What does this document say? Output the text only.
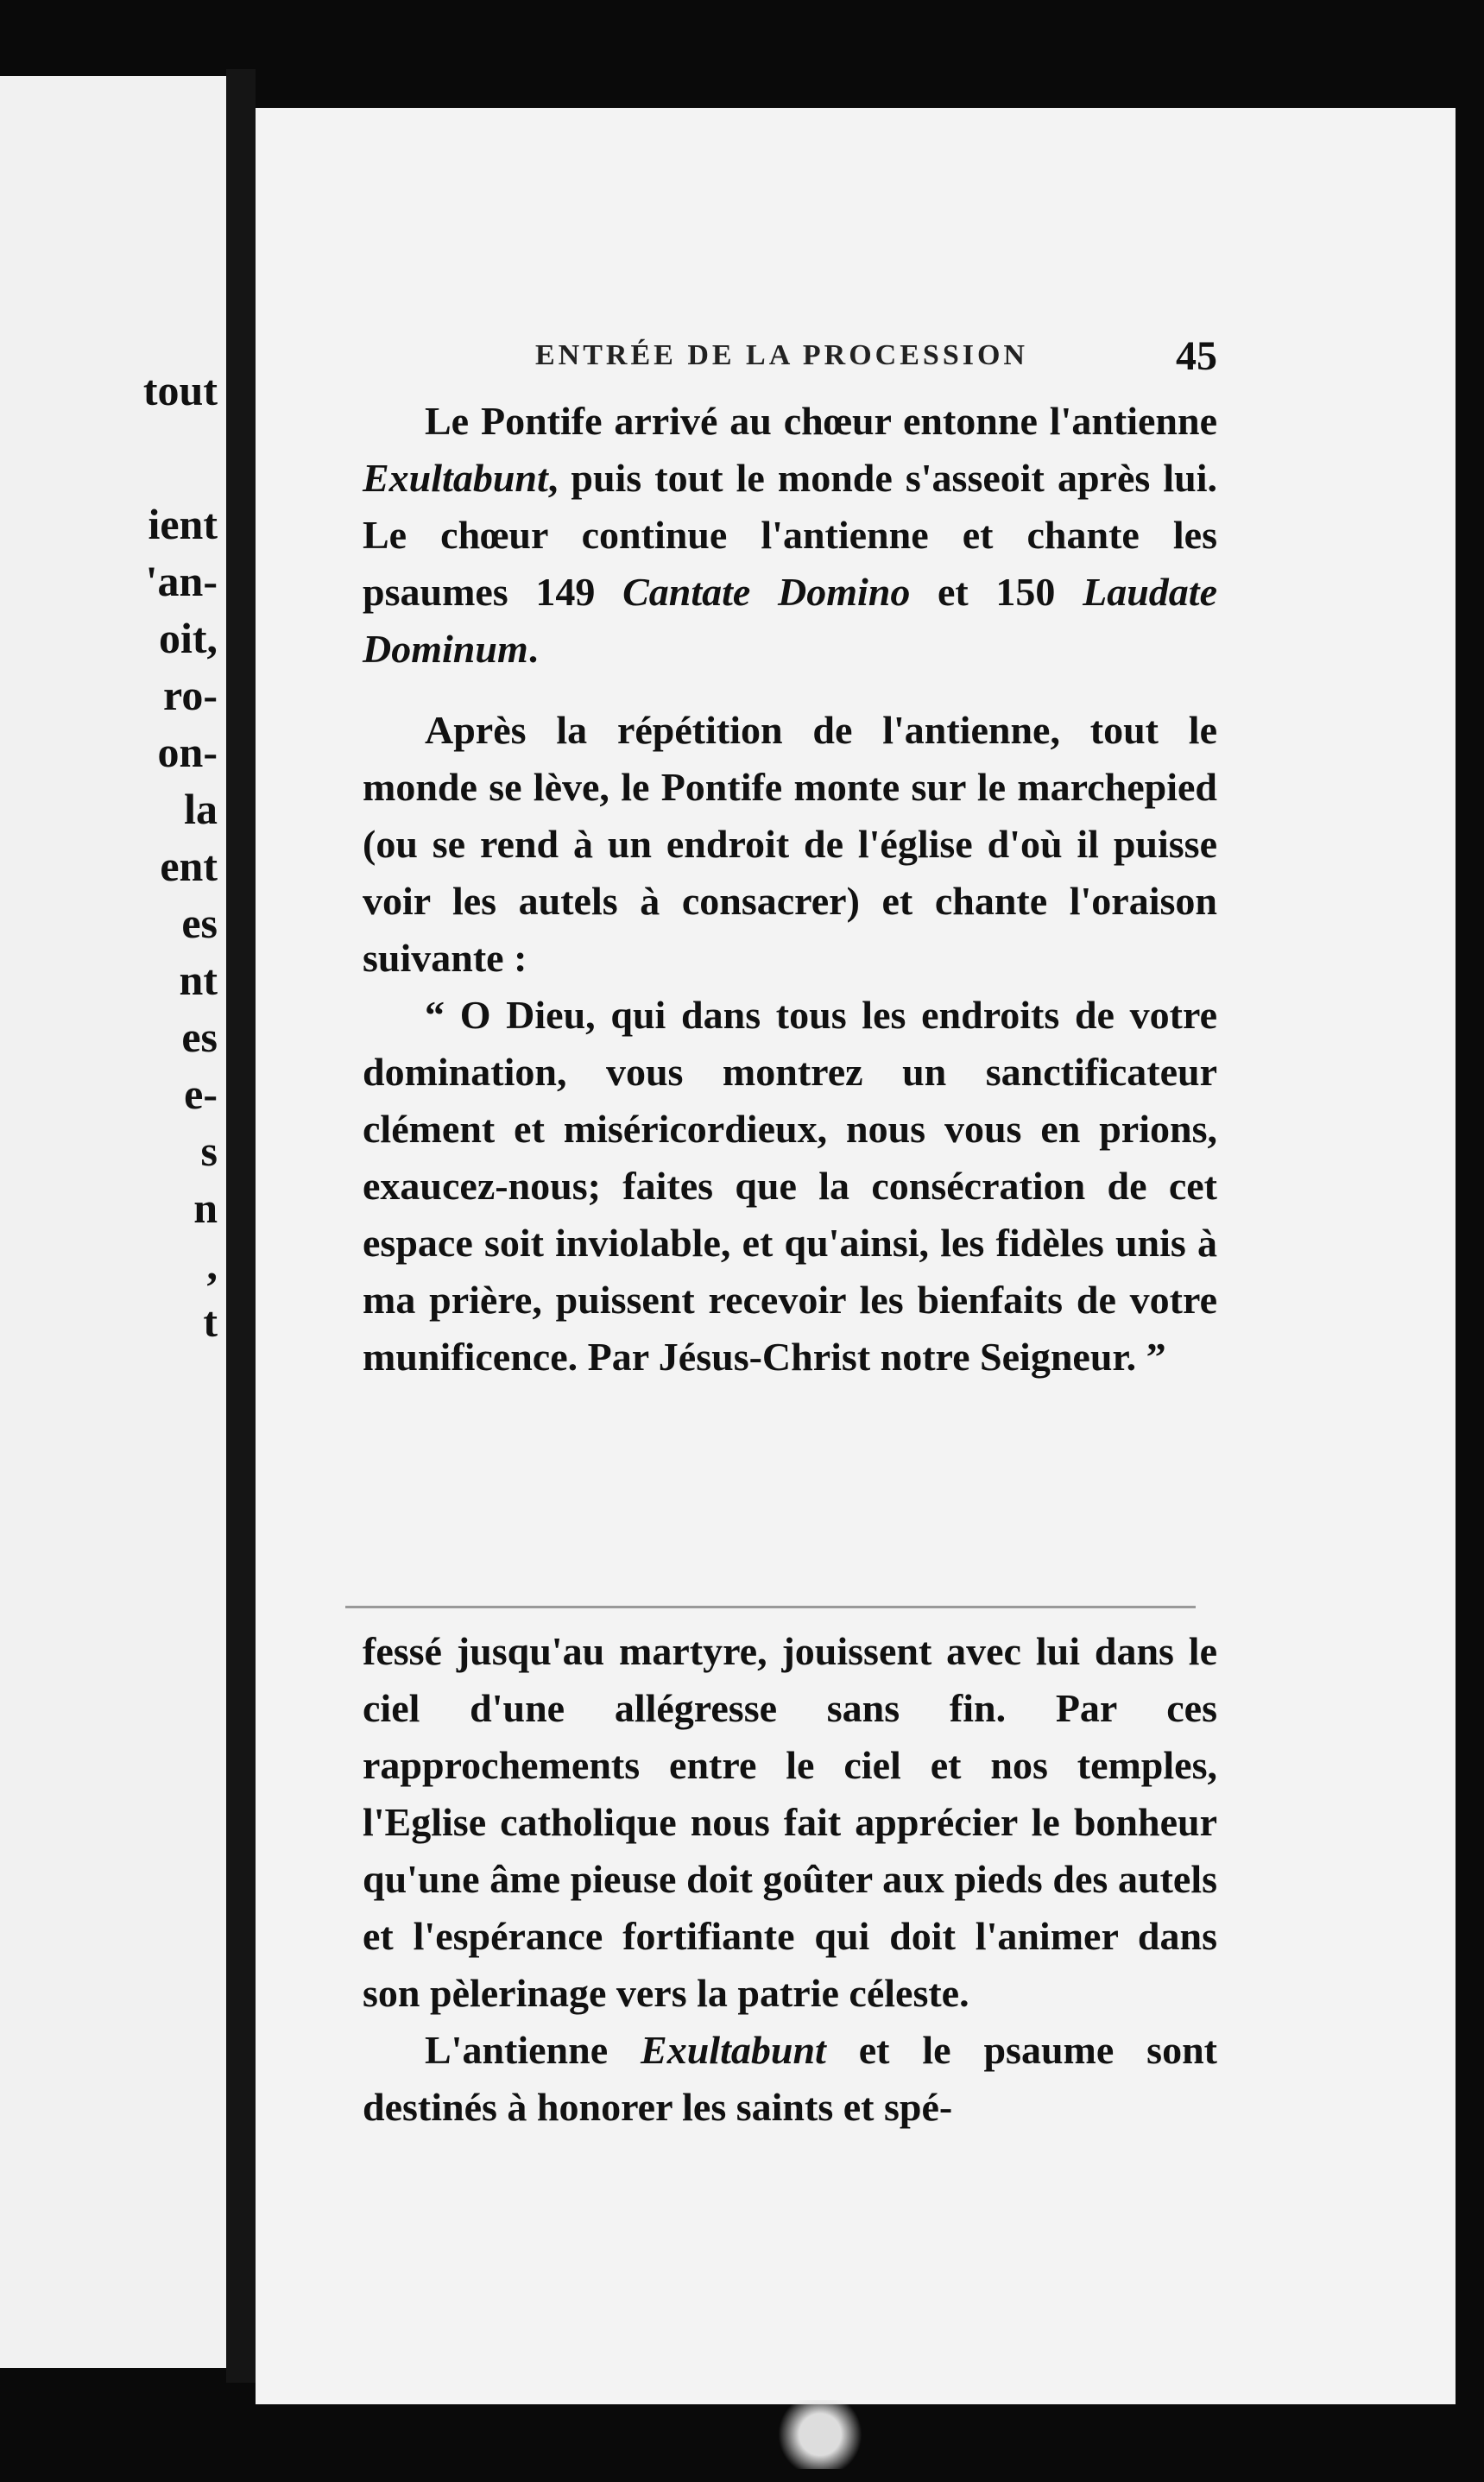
tout
ient
'an-
oit,
ro-
on-
la
ent
es
nt
es
e-
s
n
,
t
ENTRÉE DE LA PROCESSION	45

Le Pontife arrivé au chœur entonne l'antienne Exultabunt, puis tout le monde s'asseoit après lui. Le chœur continue l'antienne et chante les psaumes 149 Cantate Domino et 150 Laudate Dominum.

Après la répétition de l'antienne, tout le monde se lève, le Pontife monte sur le marchepied (ou se rend à un endroit de l'église d'où il puisse voir les autels à consacrer) et chante l'oraison suivante :

“ O Dieu, qui dans tous les endroits de votre domination, vous montrez un sanctificateur clément et miséricordieux, nous vous en prions, exaucez-nous; faites que la consécration de cet espace soit inviolable, et qu'ainsi, les fidèles unis à ma prière, puissent recevoir les bienfaits de votre munificence. Par Jésus-Christ notre Seigneur. ”

fessé jusqu'au martyre, jouissent avec lui dans le ciel d'une allégresse sans fin. Par ces rapprochements entre le ciel et nos temples, l'Eglise catholique nous fait apprécier le bonheur qu'une âme pieuse doit goûter aux pieds des autels et l'espérance fortifiante qui doit l'animer dans son pèlerinage vers la patrie céleste.

L'antienne Exultabunt et le psaume sont destinés à honorer les saints et spé-
